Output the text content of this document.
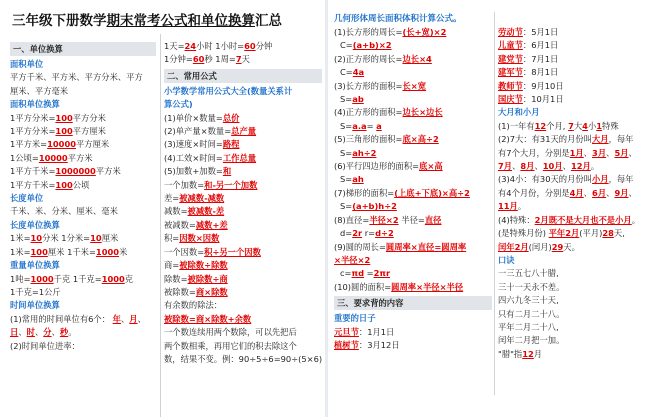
三年级下册数学期末常考公式和单位换算汇总
一、单位换算
面积单位
平方千米、平方米、平方分米、平方
厘米、平方毫米
面积单位换算
1平方分米=100平方分米
1平方分米=100平方厘米
1平方米=10000平方厘米
1公顷=10000平方米
1平方千米=1000000平方米
1平方千米=100公顷
长度单位
千米、米、分米、厘米、毫米
长度单位换算
1米=10分米 1分米=10厘米
1米=100厘米 1千米=1000米
重量单位换算
1吨=1000千克 1千克=1000克
1千克=1公斤
时间单位换算
(1)常用的时间单位有6个： 年、月、
日、时、分、秒。
(2)时间单位进率：
1天=24小时 1小时=60分钟
1分钟=60秒 1周=7天
二、常用公式
小学数学常用公式大全(数量关系计
算公式)
(1)单价×数量=总价
(2)单产量×数量=总产量
(3)速度×时间=路程
(4)工效×时间=工作总量
(5)加数+加数=和
一个加数=和-另一个加数
差=被减数-减数
减数=被减数-差
被减数=减数+差
积=因数×因数
一个因数=积÷另一个因数
商=被除数÷除数
除数=被除数÷商
被除数=商×除数
有余数的除法：
被除数=商×除数+余数
一个数连续用两个数除，可以先把后
两个数相乘，再用它们的积去除这个
数，结果不变。例：90÷5÷6=90÷(5×6)
几何形体周长面积体积计算公式。
(1)长方形的周长=(长+宽)×2
C=(a+b)×2
(2)正方形的周长=边长×4
C=4a
(3)长方形的面积=长×宽
S=ab
(4)正方形的面积=边长×边长
S=a.a= a
(5)三角形的面积=底×高÷2
S=ah÷2
(6)平行四边形的面积=底×高
S=ah
(7)梯形的面积=(上底+下底)×高÷2
S=(a+b)h÷2
(8)直径=半径×2 半径=直径
d=2r r=d÷2
(9)圆的周长=圆周率×直径=圆周率
×半径×2
c=πd =2πr
(10)圆的面积=圆周率×半径×半径
三、要求背的内容
重要的日子
元旦节：1月1日
植树节：3月12日
劳动节：5月1日
儿童节：6月1日
建党节：7月1日
建军节：8月1日
教师节：9月10日
国庆节：10月1日
大月和小月
(1)一年有12个月, 7大4小1特殊
(2)7大：有31天的月份叫大月，每年
有7个大月，分别是1月、3月、5月、
7月、8月、10月、12月。
(3)4小：有30天的月份叫小月，每年
有4个月份，分别是4月、6月、9月、
11月。
(4)特殊：2月既不是大月也不是小月。
(是特殊月份) 平年2月(平月)28天,
闰年2月(闰月)29天。
口诀
一三五七八十腊,
三十一天永不差。
四六九冬三十天,
只有二月二十八。
平年二月二十八,
闰年二月把一加。
"腊"指12月
